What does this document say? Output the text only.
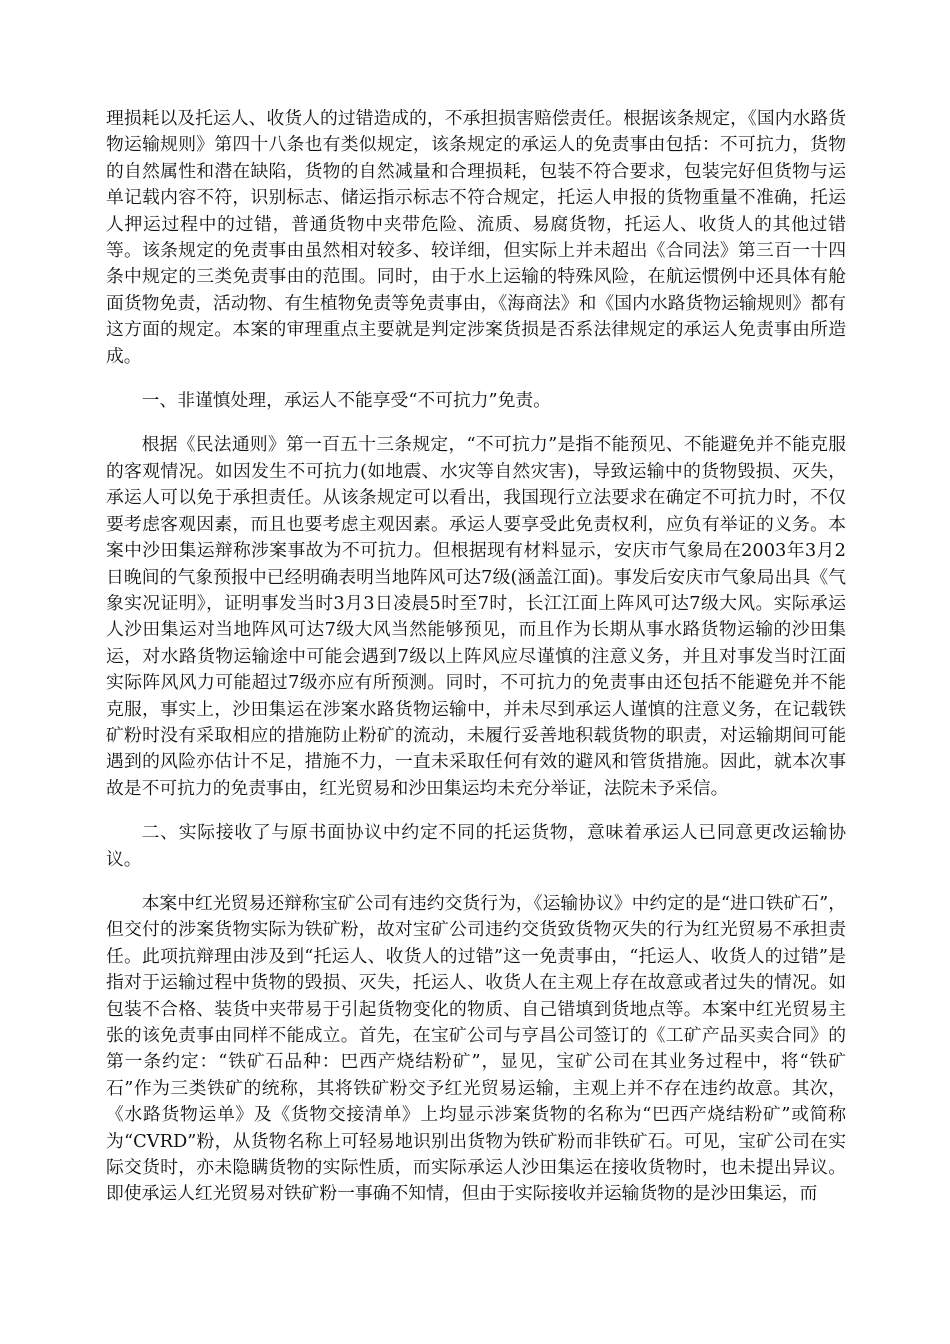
理损耗以及托运人、收货人的过错造成的，不承担损害赔偿责任。根据该条规定，《国内水路货物运输规则》第四十八条也有类似规定，该条规定的承运人的免责事由包括：不可抗力，货物的自然属性和潜在缺陷，货物的自然减量和合理损耗，包装不符合要求，包装完好但货物与运单记载内容不符，识别标志、储运指示标志不符合规定，托运人申报的货物重量不准确，托运人押运过程中的过错，普通货物中夹带危险、流质、易腐货物，托运人、收货人的其他过错等。该条规定的免责事由虽然相对较多、较详细，但实际上并未超出《合同法》第三百一十四条中规定的三类免责事由的范围。同时，由于水上运输的特殊风险，在航运惯例中还具体有舱面货物免责，活动物、有生植物免责等免责事由，《海商法》和《国内水路货物运输规则》都有这方面的规定。本案的审理重点主要就是判定涉案货损是否系法律规定的承运人免责事由所造成。

一、非谨慎处理，承运人不能享受“不可抗力”免责。

根据《民法通则》第一百五十三条规定，“不可抗力”是指不能预见、不能避免并不能克服的客观情况。如因发生不可抗力(如地震、水灾等自然灾害)，导致运输中的货物毁损、灭失，承运人可以免于承担责任。从该条规定可以看出，我国现行立法要求在确定不可抗力时，不仅要考虑客观因素，而且也要考虑主观因素。承运人要享受此免责权利，应负有举证的义务。本案中沙田集运辩称涉案事故为不可抗力。但根据现有材料显示，安庆市气象局在2003年3月2日晚间的气象预报中已经明确表明当地阵风可达7级(涵盖江面)。事发后安庆市气象局出具《气象实况证明》，证明事发当时3月3日凌晨5时至7时，长江江面上阵风可达7级大风。实际承运人沙田集运对当地阵风可达7级大风当然能够预见，而且作为长期从事水路货物运输的沙田集运，对水路货物运输途中可能会遇到7级以上阵风应尽谨慎的注意义务，并且对事发当时江面实际阵风风力可能超过7级亦应有所预测。同时，不可抗力的免责事由还包括不能避免并不能克服，事实上，沙田集运在涉案水路货物运输中，并未尽到承运人谨慎的注意义务，在记载铁矿粉时没有采取相应的措施防止粉矿的流动，未履行妥善地积载货物的职责，对运输期间可能遇到的风险亦估计不足，措施不力，一直未采取任何有效的避风和管货措施。因此，就本次事故是不可抗力的免责事由，红光贸易和沙田集运均未充分举证，法院未予采信。

二、实际接收了与原书面协议中约定不同的托运货物，意味着承运人已同意更改运输协议。

本案中红光贸易还辩称宝矿公司有违约交货行为，《运输协议》中约定的是“进口铁矿石”，但交付的涉案货物实际为铁矿粉，故对宝矿公司违约交货致货物灭失的行为红光贸易不承担责任。此项抗辩理由涉及到“托运人、收货人的过错”这一免责事由，“托运人、收货人的过错”是指对于运输过程中货物的毁损、灭失，托运人、收货人在主观上存在故意或者过失的情况。如包装不合格、装货中夹带易于引起货物变化的物质、自己错填到货地点等。本案中红光贸易主张的该免责事由同样不能成立。首先，在宝矿公司与亨昌公司签订的《工矿产品买卖合同》的第一条约定：“铁矿石品种：巴西产烧结粉矿”，显见，宝矿公司在其业务过程中，将“铁矿石”作为三类铁矿的统称，其将铁矿粉交予红光贸易运输，主观上并不存在违约故意。其次，《水路货物运单》及《货物交接清单》上均显示涉案货物的名称为“巴西产烧结粉矿”或简称为“CVRD”粉，从货物名称上可轻易地识别出货物为铁矿粉而非铁矿石。可见，宝矿公司在实际交货时，亦未隐瞒货物的实际性质，而实际承运人沙田集运在接收货物时，也未提出异议。即使承运人红光贸易对铁矿粉一事确不知情，但由于实际接收并运输货物的是沙田集运，而
